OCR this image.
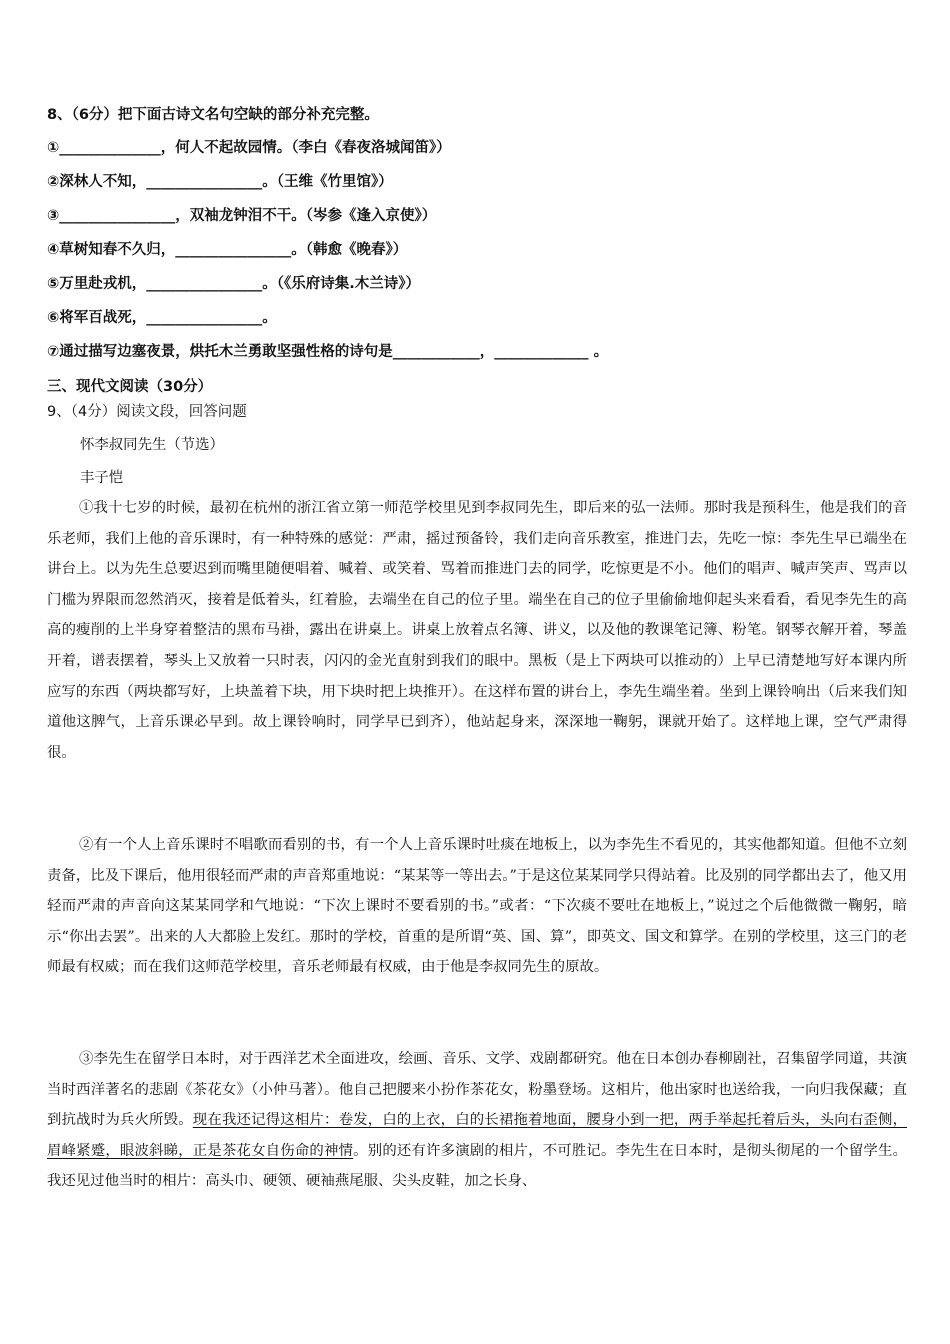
8、（6分）把下面古诗文名句空缺的部分补充完整。
①______________，何人不起故园情。（李白《春夜洛城闻笛》）
②深林人不知，________________。（王维《竹里馆》）
③________________，双袖龙钟泪不干。（岑参《逢入京使》）
④草树知春不久归，________________。（韩愈《晚春》）
⑤万里赴戎机，________________。（《乐府诗集.木兰诗》）
⑥将军百战死，________________。
⑦通过描写边塞夜景，烘托木兰勇敢坚强性格的诗句是____________，_____________ 。
三、现代文阅读（30分）
9、（4分）阅读文段，回答问题
怀李叔同先生（节选）
丰子恺

①我十七岁的时候，最初在杭州的浙江省立第一师范学校里见到李叔同先生，即后来的弘一法师。那时我是预科生，他是我们的音乐老师，我们上他的音乐课时，有一种特殊的感觉：严肃，摇过预备铃，我们走向音乐教室，推进门去，先吃一惊：李先生早已端坐在讲台上。以为先生总要迟到而嘴里随便唱着、喊着、或笑着、骂着而推进门去的同学，吃惊更是不小。他们的唱声、喊声笑声、骂声以门槛为界限而忽然消灭，接着是低着头，红着脸，去端坐在自己的位子里。端坐在自己的位子里偷偷地仰起头来看看，看见李先生的高高的瘦削的上半身穿着整洁的黑布马褂，露出在讲桌上。讲桌上放着点名簿、讲义，以及他的教课笔记簿、粉笔。钢琴衣解开着，琴盖开着，谱表摆着，琴头上又放着一只时表，闪闪的金光直射到我们的眼中。黑板（是上下两块可以推动的）上早已清楚地写好本课内所应写的东西（两块都写好，上块盖着下块，用下块时把上块推开）。在这样布置的讲台上，李先生端坐着。坐到上课铃响出（后来我们知道他这脾气，上音乐课必早到。故上课铃响时，同学早已到齐），他站起身来，深深地一鞠躬，课就开始了。这样地上课，空气严肃得很。

②有一个人上音乐课时不唱歌而看别的书，有一个人上音乐课时吐痰在地板上，以为李先生不看见的，其实他都知道。但他不立刻责备，比及下课后，他用很轻而严肃的声音郑重地说：“某某等一等出去。”于是这位某某同学只得站着。比及别的同学都出去了，他又用轻而严肃的声音向这某某同学和气地说：“下次上课时不要看别的书。”或者：“下次痰不要吐在地板上，”说过之个后他微微一鞠躬，暗示“你出去罢”。出来的人大都脸上发红。那时的学校，首重的是所谓“英、国、算”，即英文、国文和算学。在别的学校里，这三门的老师最有权威；而在我们这师范学校里，音乐老师最有权威，由于他是李叔同先生的原故。

③李先生在留学日本时，对于西洋艺术全面进攻，绘画、音乐、文学、戏剧都研究。他在日本创办春柳剧社，召集留学同道，共演当时西洋著名的悲剧《茶花女》（小仲马著）。他自己把腰来小扮作茶花女，粉墨登场。这相片，他出家时也送给我，一向归我保藏；直到抗战时为兵火所毁。现在我还记得这相片：卷发，白的上衣，白的长裙拖着地面，腰身小到一把，两手举起托着后头，头向右歪侧，眉峰紧蹙，眼波斜睇，正是茶花女自伤命的神情。别的还有许多演剧的相片，不可胜记。李先生在日本时，是彻头彻尾的一个留学生。我还见过他当时的相片：高头巾、硬领、硬袖燕尾服、尖头皮鞋，加之长身、
